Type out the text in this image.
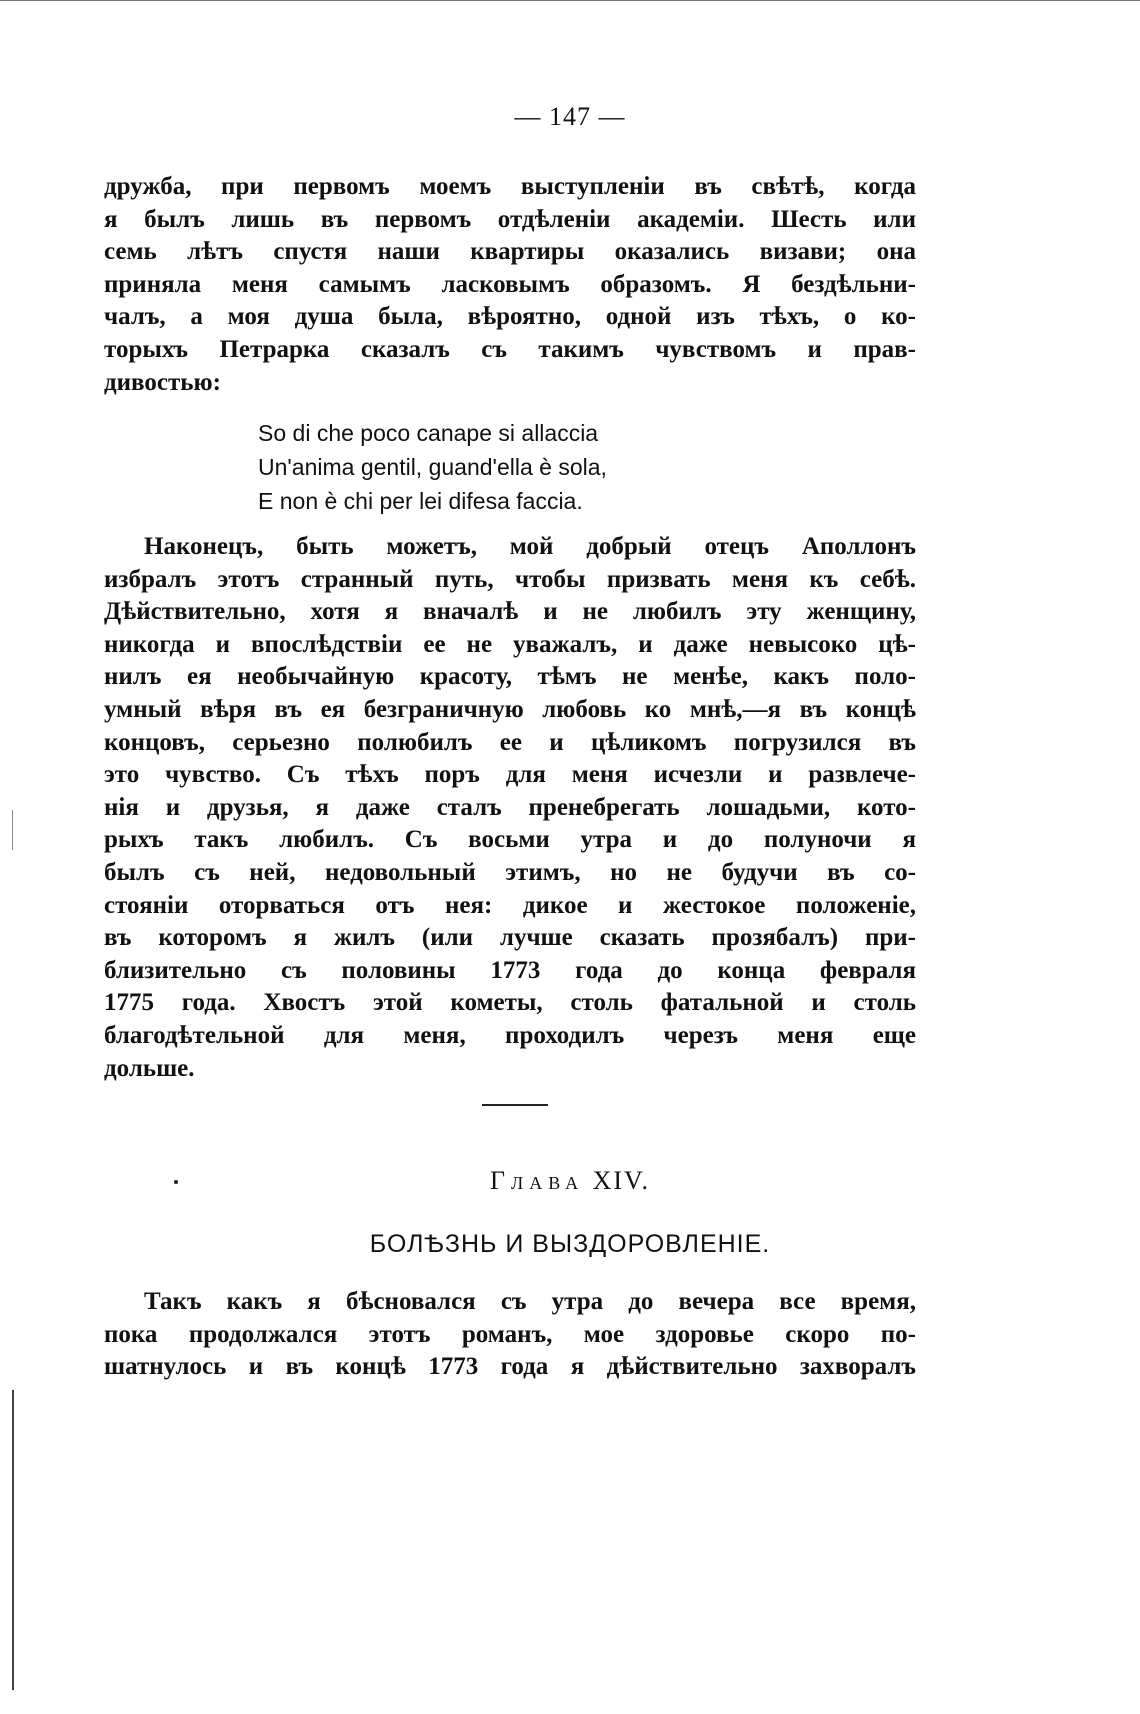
— 147 —
дружба, при первомъ моемъ выступленіи въ свѣтѣ, когда
я былъ лишь въ первомъ отдѣленіи академіи. Шесть или
семь лѣтъ спустя наши квартиры оказались визави; она
приняла меня самымъ ласковымъ образомъ. Я бездѣльни-
чалъ, а моя душа была, вѣроятно, одной изъ тѣхъ, о ко-
торыхъ Петрарка сказалъ съ такимъ чувствомъ и прав-
дивостью:
So di che poco canape si allaccia
Un'anima gentil, guand'ella è sola,
E non è chi per lei difesa faccia.
Наконецъ, быть можетъ, мой добрый отецъ Аполлонъ
избралъ этотъ странный путь, чтобы призвать меня къ себѣ.
Дѣйствительно, хотя я вначалѣ и не любилъ эту женщину,
никогда и впослѣдствіи ее не уважалъ, и даже невысоко цѣ-
нилъ ея необычайную красоту, тѣмъ не менѣе, какъ поло-
умный вѣря въ ея безграничную любовь ко мнѣ,—я въ концѣ
концовъ, серьезно полюбилъ ее и цѣликомъ погрузился въ
это чувство. Съ тѣхъ поръ для меня исчезли и развлече-
нія и друзья, я даже сталъ пренебрегать лошадьми, кото-
рыхъ такъ любилъ. Съ восьми утра и до полуночи я
былъ съ ней, недовольный этимъ, но не будучи въ со-
стояніи оторваться отъ нея: дикое и жестокое положеніе,
въ которомъ я жилъ (или лучше сказать прозябалъ) при-
близительно съ половины 1773 года до конца февраля
1775 года. Хвостъ этой кометы, столь фатальной и столь
благодѣтельной для меня, проходилъ черезъ меня еще
дольше.
Глава XIV.
БОЛѢЗНЬ И ВЫЗДОРОВЛЕНІЕ.
Такъ какъ я бѣсновался съ утра до вечера все время,
пока продолжался этотъ романъ, мое здоровье скоро по-
шатнулось и въ концѣ 1773 года я дѣйствительно захворалъ
